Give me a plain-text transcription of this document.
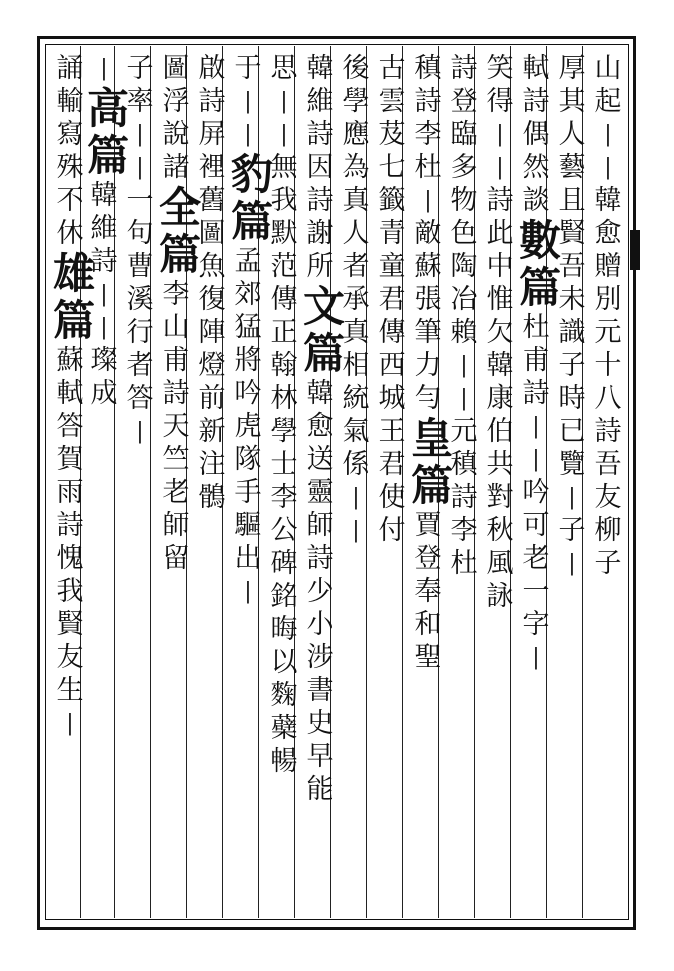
山
起
|
|
韓
愈
贈
別
元
十
八
詩
吾
友
柳
子
厚
其
人
藝
且
賢
吾
未
識
子
時
已
覽
|
子
|
軾
詩
偶
然
談
數
篇
杜
甫
詩
|
|
吟
可
老
一
字
|
笑
得
|
|
詩
此
中
惟
欠
韓
康
伯
共
對
秋
風
詠
詩
登
臨
多
物
色
陶
冶
賴
|
|
元
稹
詩
李
杜
稹
詩
李
杜
|
敵
蘇
張
筆
力
勻
皇
篇
賈
登
奉
和
聖
古
雲
芨
七
籤
青
童
君
傳
西
城
王
君
使
付
後
學
應
為
真
人
者
承
真
相
統
氣
係
|
|
韓
維
詩
因
詩
謝
所
文
篇
韓
愈
送
靈
師
詩
少
小
涉
書
史
早
能
思
|
|
無
我
默
范
傳
正
翰
林
學
士
李
公
碑
銘
晦
以
麴
蘗
暢
于
|
|
豹
篇
孟
郊
猛
將
吟
虎
隊
手
驅
出
|
啟
詩
屏
裡
舊
圖
魚
復
陣
燈
前
新
注
鶻
圖
浮
說
諸
全
篇
李
山
甫
詩
天
竺
老
師
留
子
率
|
|
一
句
曹
溪
行
者
答
|
|
高
篇
韓
維
詩
|
|
璨
成
誦
輸
寫
殊
不
休
雄
篇
蘇
軾
答
賀
雨
詩
愧
我
賢
友
生
|
